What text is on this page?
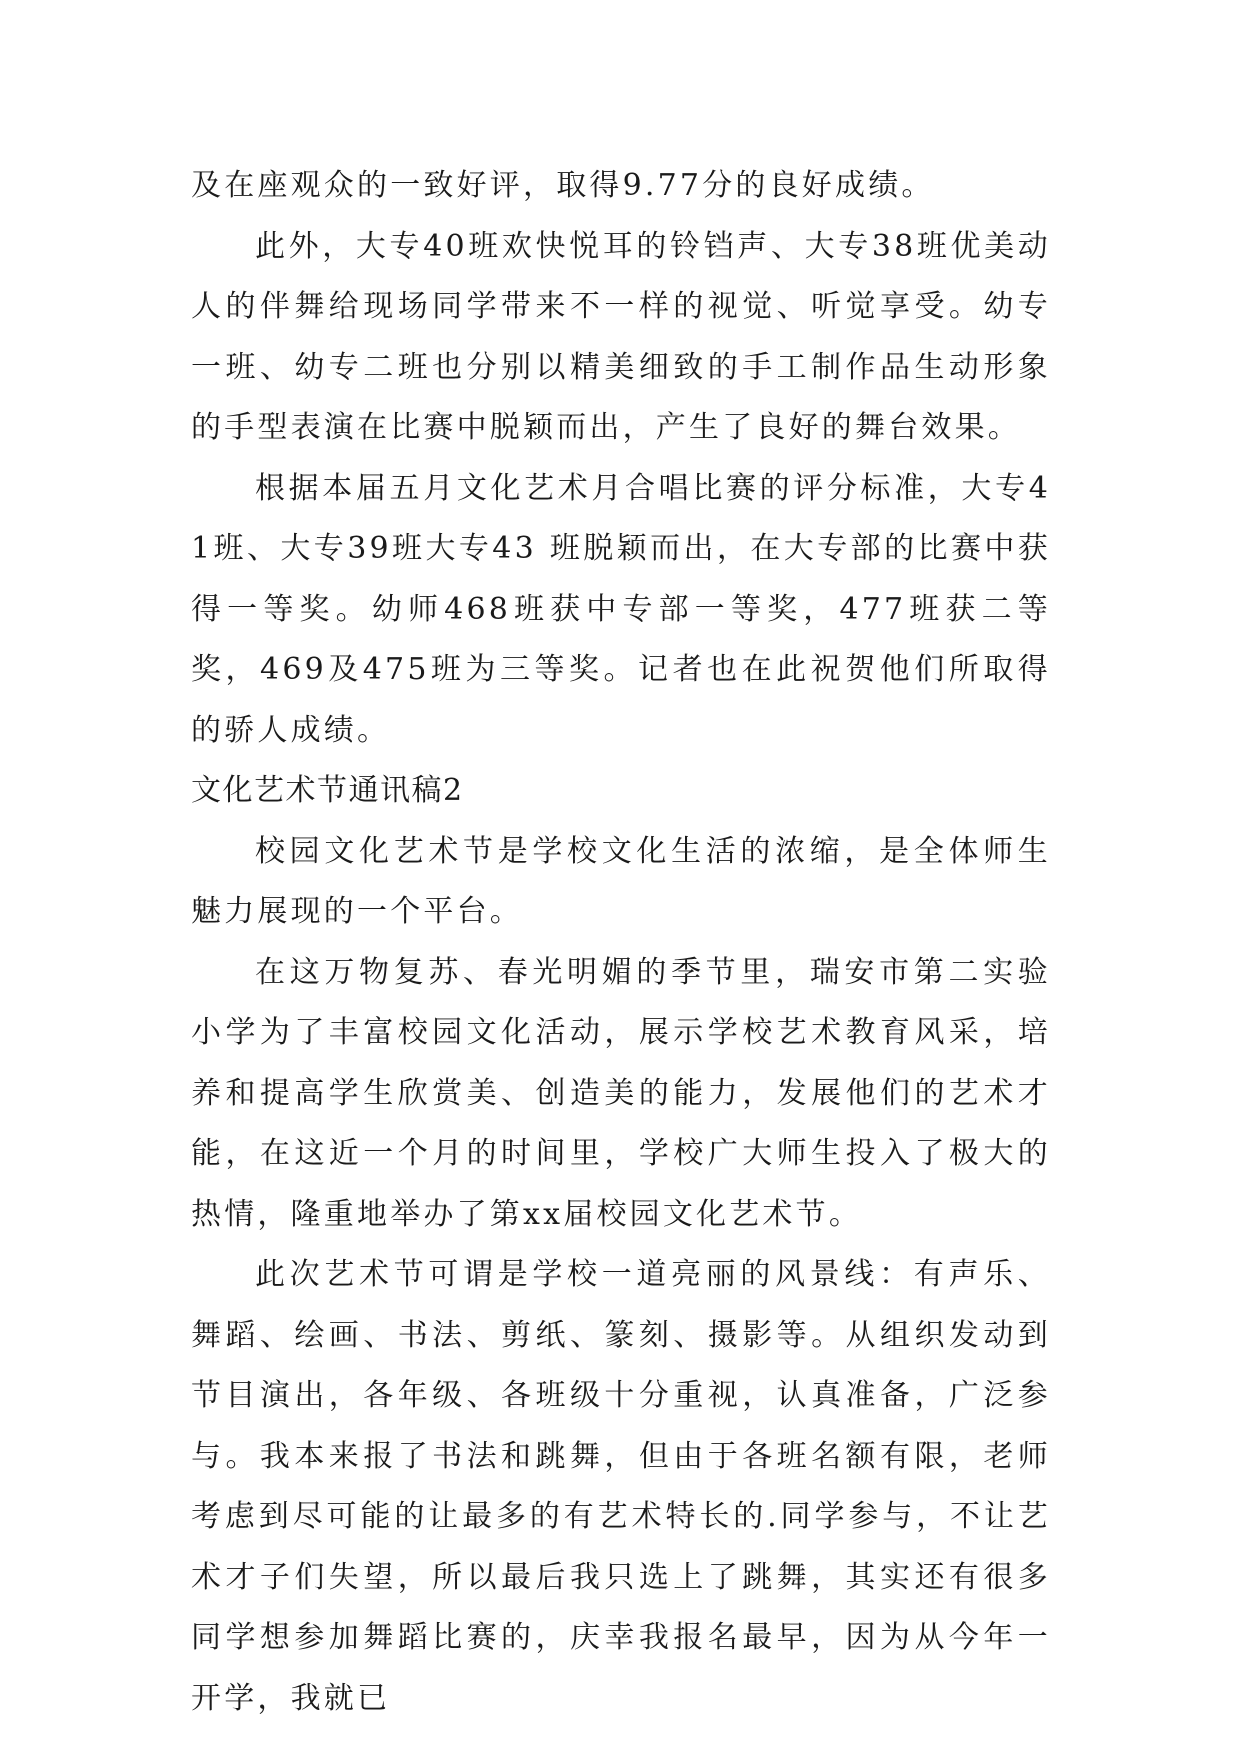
及在座观众的一致好评，取得9.77分的良好成绩。

此外，大专40班欢快悦耳的铃铛声、大专38班优美动人的伴舞给现场同学带来不一样的视觉、听觉享受。幼专一班、幼专二班也分别以精美细致的手工制作品生动形象的手型表演在比赛中脱颖而出，产生了良好的舞台效果。

根据本届五月文化艺术月合唱比赛的评分标准，大专41班、大专39班大专43 班脱颖而出，在大专部的比赛中获得一等奖。幼师468班获中专部一等奖，477班获二等奖，469及475班为三等奖。记者也在此祝贺他们所取得的骄人成绩。

文化艺术节通讯稿2

校园文化艺术节是学校文化生活的浓缩，是全体师生魅力展现的一个平台。

在这万物复苏、春光明媚的季节里，瑞安市第二实验小学为了丰富校园文化活动，展示学校艺术教育风采，培养和提高学生欣赏美、创造美的能力，发展他们的艺术才能，在这近一个月的时间里，学校广大师生投入了极大的热情，隆重地举办了第xx届校园文化艺术节。

此次艺术节可谓是学校一道亮丽的风景线：有声乐、舞蹈、绘画、书法、剪纸、篆刻、摄影等。从组织发动到节目演出，各年级、各班级十分重视，认真准备，广泛参与。我本来报了书法和跳舞，但由于各班名额有限，老师考虑到尽可能的让最多的有艺术特长的.同学参与，不让艺术才子们失望，所以最后我只选上了跳舞，其实还有很多同学想参加舞蹈比赛的，庆幸我报名最早，因为从今年一开学，我就已
